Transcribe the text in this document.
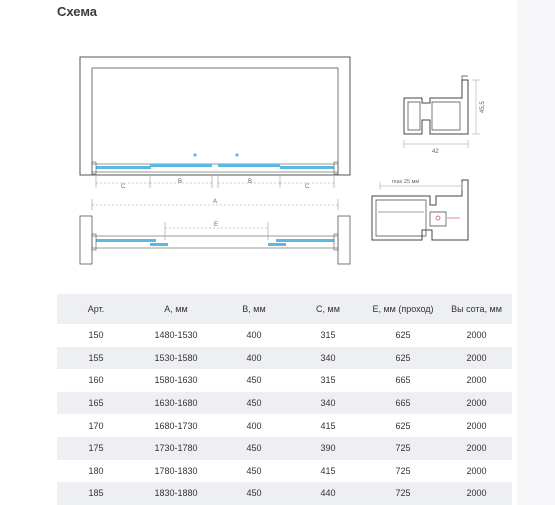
Схема
C
B	B
C
A
E
45,5
42
max 25 мм
Арт.	А, мм	В, мм	С, мм	Е, мм (проход)	Вы сота, мм
150	1480-1530	400	315	625	2000
155	1530-1580	400	340	625	2000
160	1580-1630	450	315	665	2000
165	1630-1680	450	340	665	2000
170	1680-1730	400	415	625	2000
175	1730-1780	450	390	725	2000
180	1780-1830	450	415	725	2000
185	1830-1880	450	440	725	2000
